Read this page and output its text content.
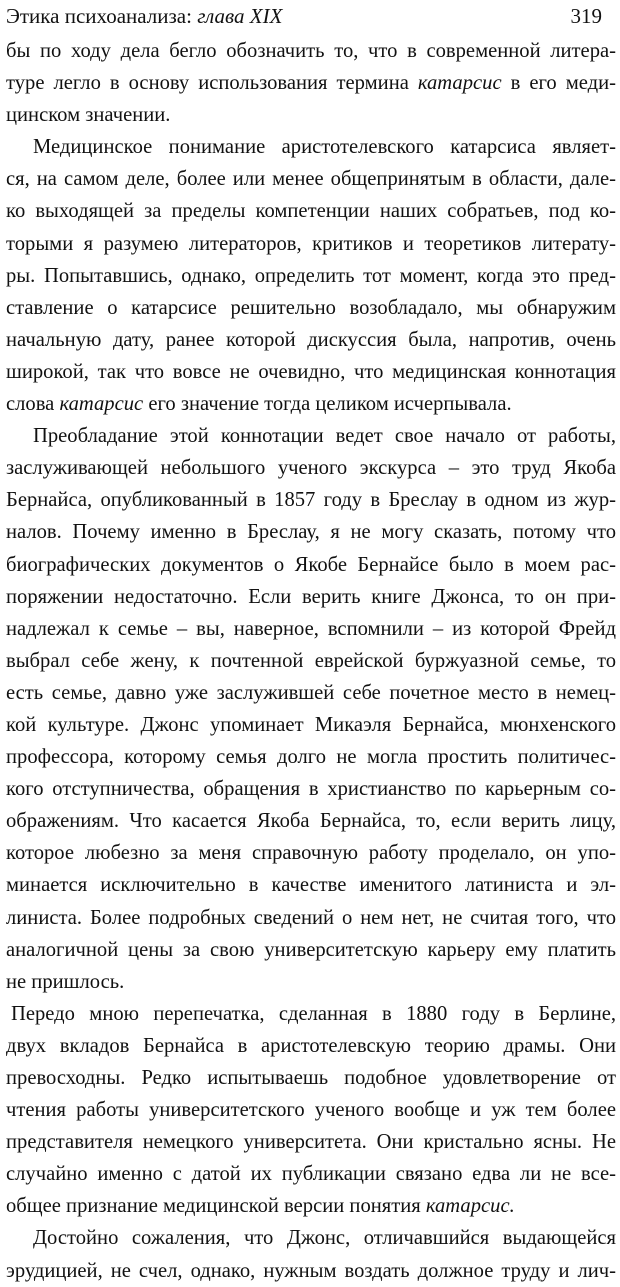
Этика психоанализа: глава XIX	319
бы по ходу дела бегло обозначить то, что в современной литера-
туре легло в основу использования термина катарсис в его меди-
цинском значении.
Медицинское понимание аристотелевского катарсиса являет-
ся, на самом деле, более или менее общепринятым в области, дале-
ко выходящей за пределы компетенции наших собратьев, под ко-
торыми я разумею литераторов, критиков и теоретиков литерату-
ры. Попытавшись, однако, определить тот момент, когда это пред-
ставление о катарсисе решительно возобладало, мы обнаружим
начальную дату, ранее которой дискуссия была, напротив, очень
широкой, так что вовсе не очевидно, что медицинская коннотация
слова катарсис его значение тогда целиком исчерпывала.
Преобладание этой коннотации ведет свое начало от работы,
заслуживающей небольшого ученого экскурса – это труд Якоба
Бернайса, опубликованный в 1857 году в Бреслау в одном из жур-
налов. Почему именно в Бреслау, я не могу сказать, потому что
биографических документов о Якобе Бернайсе было в моем рас-
поряжении недостаточно. Если верить книге Джонса, то он при-
надлежал к семье – вы, наверное, вспомнили – из которой Фрейд
выбрал себе жену, к почтенной еврейской буржуазной семье, то
есть семье, давно уже заслужившей себе почетное место в немец-
кой культуре. Джонс упоминает Микаэля Бернайса, мюнхенского
профессора, которому семья долго не могла простить политичес-
кого отступничества, обращения в христианство по карьерным со-
ображениям. Что касается Якоба Бернайса, то, если верить лицу,
которое любезно за меня справочную работу проделало, он упо-
минается исключительно в качестве именитого латиниста и эл-
линиста. Более подробных сведений о нем нет, не считая того, что
аналогичной цены за свою университетскую карьеру ему платить
не пришлось.
Передо мною перепечатка, сделанная в 1880 году в Берлине,
двух вкладов Бернайса в аристотелевскую теорию драмы. Они
превосходны. Редко испытываешь подобное удовлетворение от
чтения работы университетского ученого вообще и уж тем более
представителя немецкого университета. Они кристально ясны. Не
случайно именно с датой их публикации связано едва ли не все-
общее признание медицинской версии понятия катарсис.
Достойно сожаления, что Джонс, отличавшийся выдающейся
эрудицией, не счел, однако, нужным воздать должное труду и лич-
